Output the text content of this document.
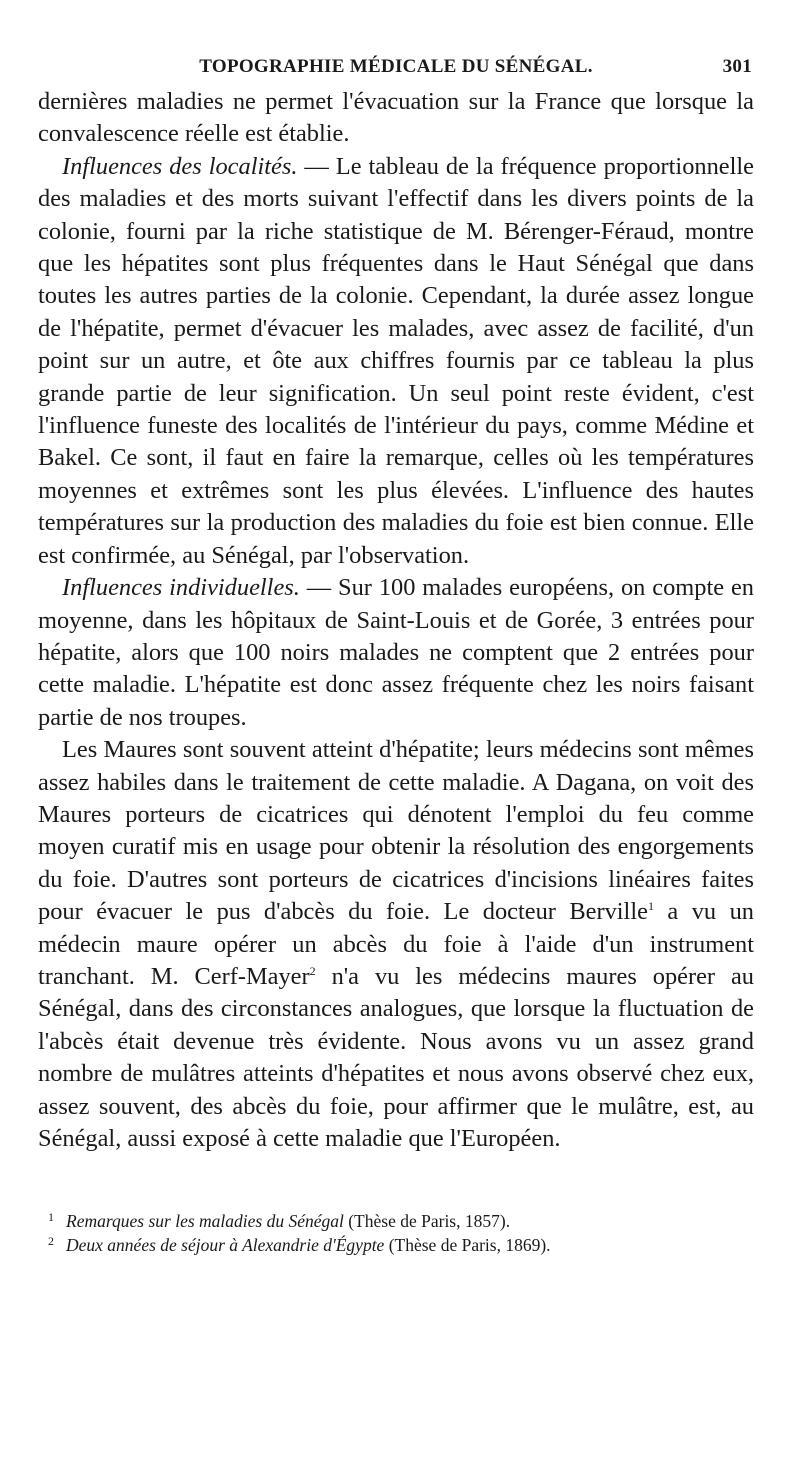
TOPOGRAPHIE MÉDICALE DU SÉNÉGAL.	301

dernières maladies ne permet l'évacuation sur la France que lorsque la convalescence réelle est établie.

Influences des localités. — Le tableau de la fréquence proportionnelle des maladies et des morts suivant l'effectif dans les divers points de la colonie, fourni par la riche statistique de M. Bérenger-Féraud, montre que les hépatites sont plus fréquentes dans le Haut Sénégal que dans toutes les autres parties de la colonie. Cependant, la durée assez longue de l'hépatite, permet d'évacuer les malades, avec assez de facilité, d'un point sur un autre, et ôte aux chiffres fournis par ce tableau la plus grande partie de leur signification. Un seul point reste évident, c'est l'influence funeste des localités de l'intérieur du pays, comme Médine et Bakel. Ce sont, il faut en faire la remarque, celles où les températures moyennes et extrêmes sont les plus élevées. L'influence des hautes températures sur la production des maladies du foie est bien connue. Elle est confirmée, au Sénégal, par l'observation.

Influences individuelles. — Sur 100 malades européens, on compte en moyenne, dans les hôpitaux de Saint-Louis et de Gorée, 3 entrées pour hépatite, alors que 100 noirs malades ne comptent que 2 entrées pour cette maladie. L'hépatite est donc assez fréquente chez les noirs faisant partie de nos troupes.

Les Maures sont souvent atteint d'hépatite; leurs médecins sont mêmes assez habiles dans le traitement de cette maladie. A Dagana, on voit des Maures porteurs de cicatrices qui dénotent l'emploi du feu comme moyen curatif mis en usage pour obtenir la résolution des engorgements du foie. D'autres sont porteurs de cicatrices d'incisions linéaires faites pour évacuer le pus d'abcès du foie. Le docteur Berville$^1$ a vu un médecin maure opérer un abcès du foie à l'aide d'un instrument tranchant. M. Cerf-Mayer$^2$ n'a vu les médecins maures opérer au Sénégal, dans des circonstances analogues, que lorsque la fluctuation de l'abcès était devenue très évidente. Nous avons vu un assez grand nombre de mulâtres atteints d'hépatites et nous avons observé chez eux, assez souvent, des abcès du foie, pour affirmer que le mulâtre, est, au Sénégal, aussi exposé à cette maladie que l'Européen.

1 Remarques sur les maladies du Sénégal (Thèse de Paris, 1857).

2 Deux années de séjour à Alexandrie d'Égypte (Thèse de Paris, 1869).
